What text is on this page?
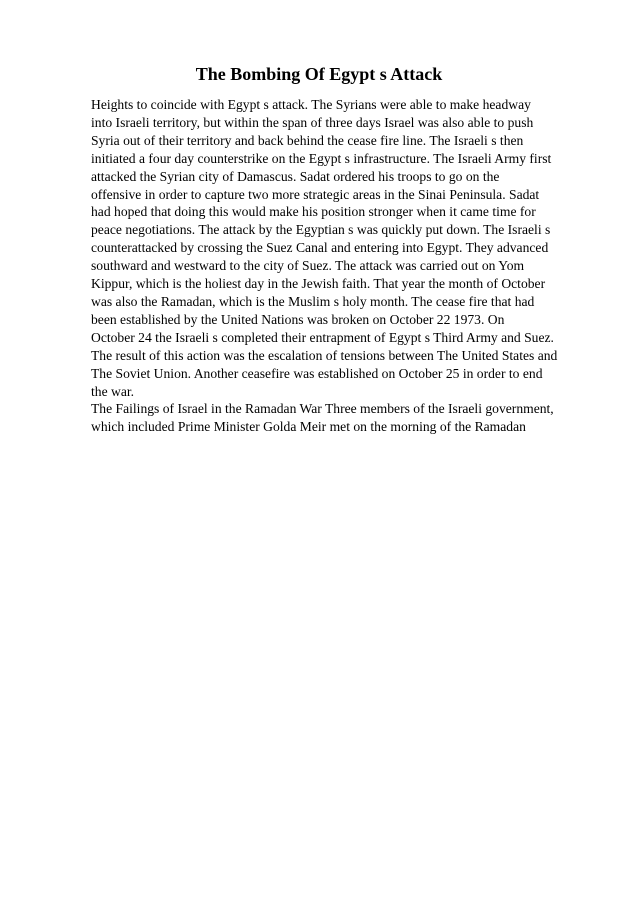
The Bombing Of Egypt s Attack
Heights to coincide with Egypt s attack. The Syrians were able to make headway
into Israeli territory, but within the span of three days Israel was also able to push
Syria out of their territory and back behind the cease fire line. The Israeli s then
initiated a four day counterstrike on the Egypt s infrastructure. The Israeli Army first
attacked the Syrian city of Damascus. Sadat ordered his troops to go on the
offensive in order to capture two more strategic areas in the Sinai Peninsula. Sadat
had hoped that doing this would make his position stronger when it came time for
peace negotiations. The attack by the Egyptian s was quickly put down. The Israeli s
counterattacked by crossing the Suez Canal and entering into Egypt. They advanced
southward and westward to the city of Suez. The attack was carried out on Yom
Kippur, which is the holiest day in the Jewish faith. That year the month of October
was also the Ramadan, which is the Muslim s holy month. The cease fire that had
been established by the United Nations was broken on October 22 1973. On
October 24 the Israeli s completed their entrapment of Egypt s Third Army and Suez.
The result of this action was the escalation of tensions between The United States and
The Soviet Union. Another ceasefire was established on October 25 in order to end
the war.
The Failings of Israel in the Ramadan War Three members of the Israeli government,
which included Prime Minister Golda Meir met on the morning of the Ramadan
